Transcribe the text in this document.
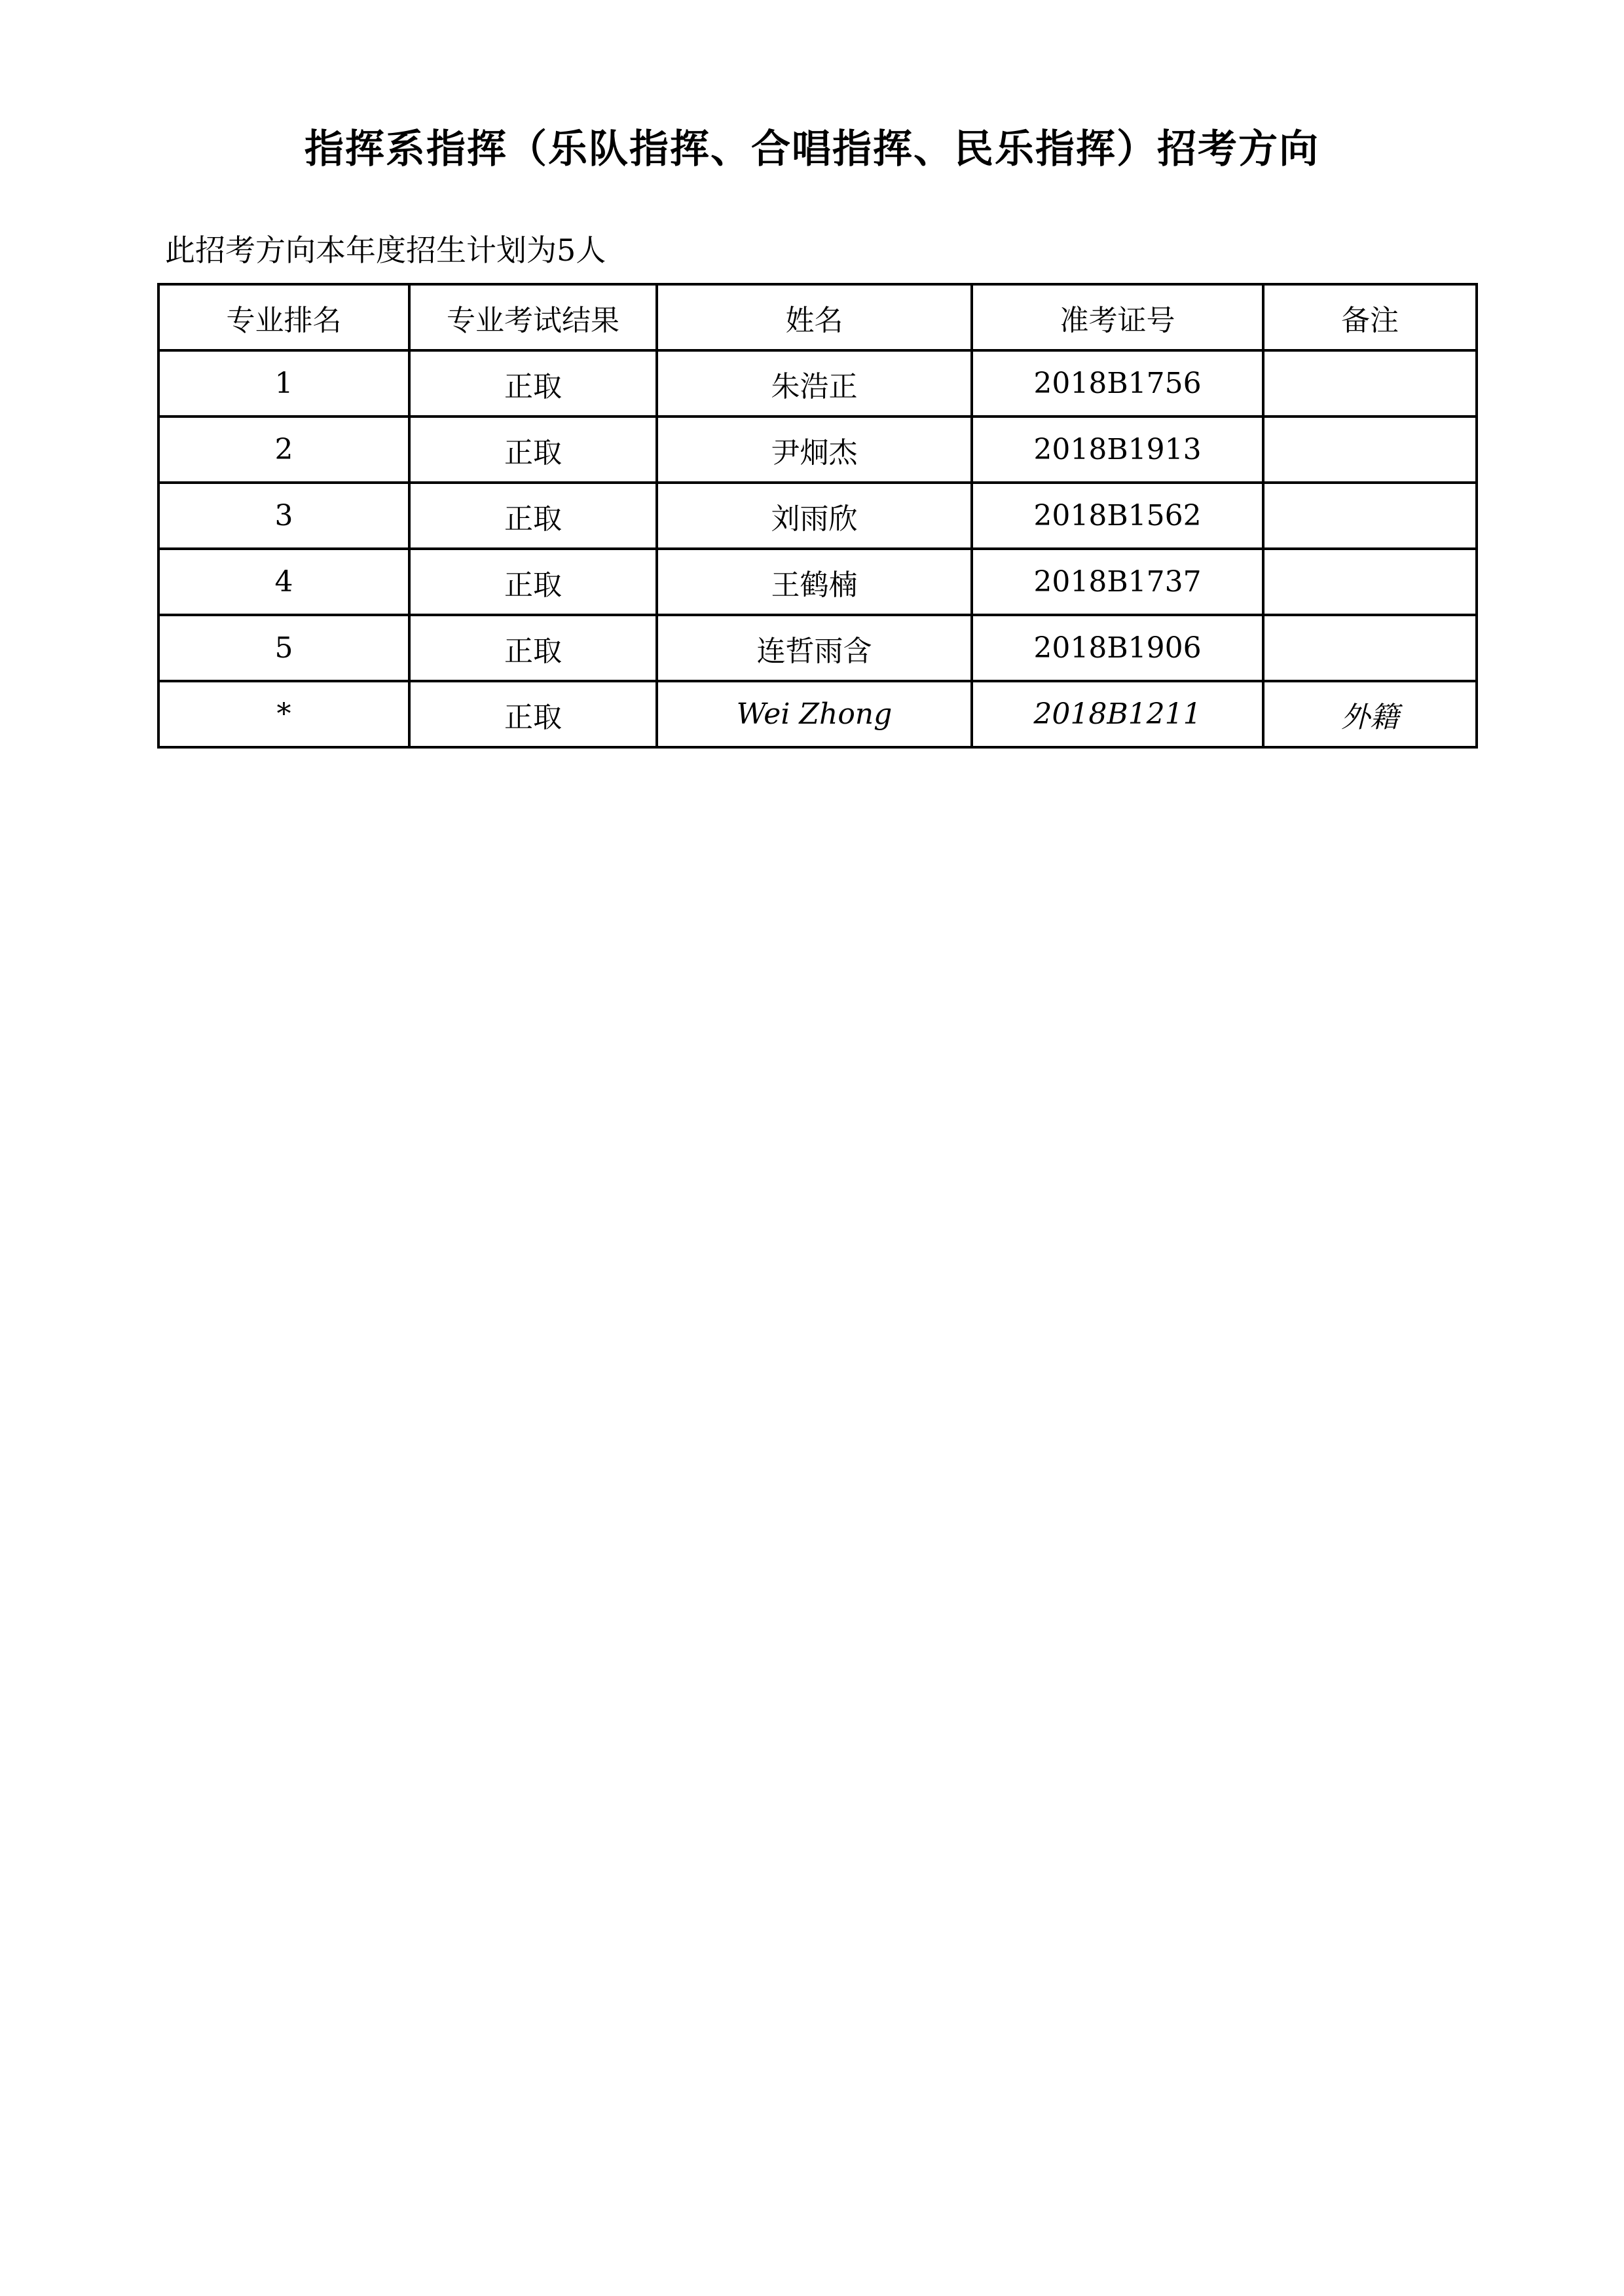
指挥系指挥（乐队指挥、合唱指挥、民乐指挥）招考方向
此招考方向本年度招生计划为5人
专业排名	专业考试结果	姓名	准考证号	备注
1	正取	朱浩正	2018B1756	
2	正取	尹炯杰	2018B1913	
3	正取	刘雨欣	2018B1562	
4	正取	王鹤楠	2018B1737	
5	正取	连哲雨含	2018B1906	
*	正取	Wei Zhong	2018B1211	外籍
